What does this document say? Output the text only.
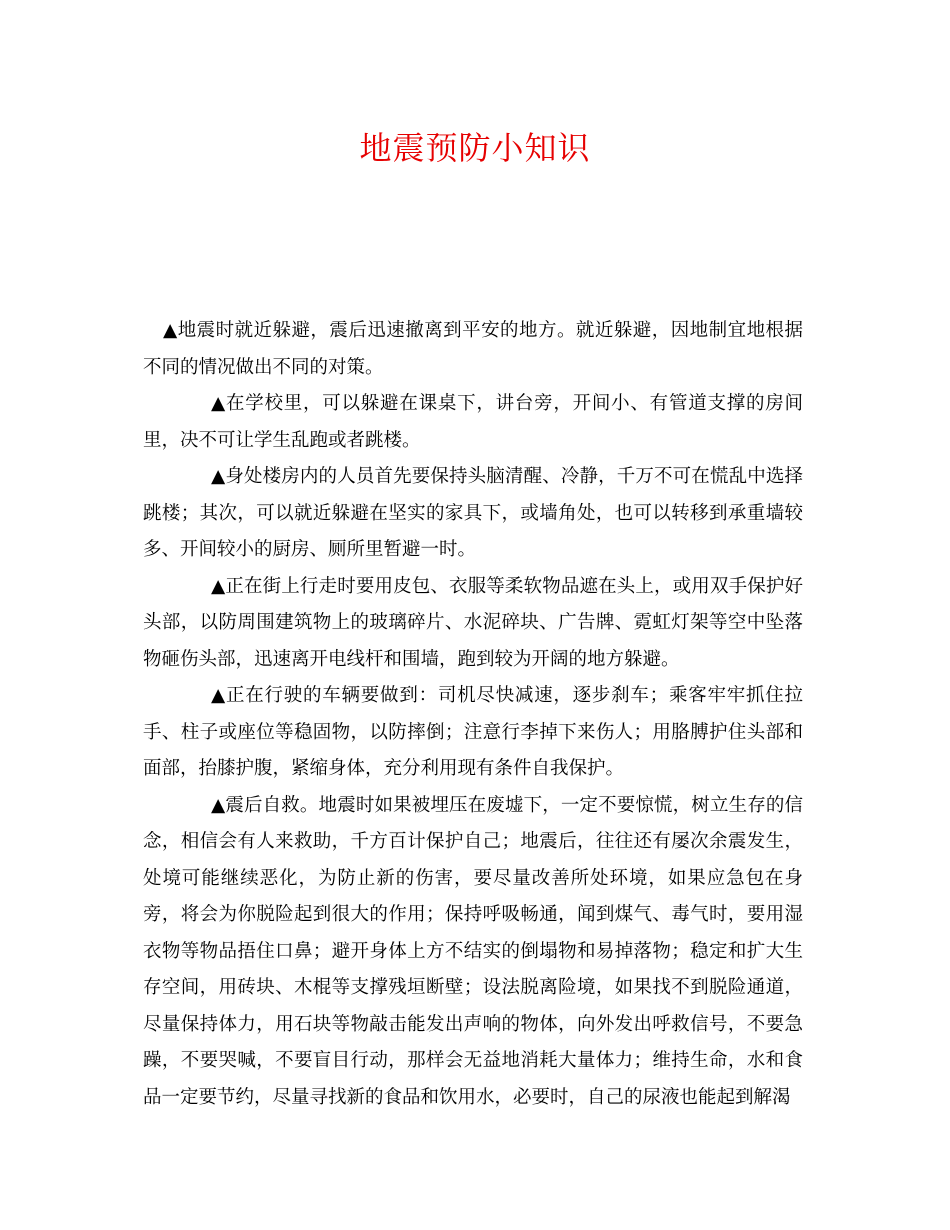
地震预防小知识

▲地震时就近躲避，震后迅速撤离到平安的地方。就近躲避，因地制宜地根据不同的情况做出不同的对策。

▲在学校里，可以躲避在课桌下，讲台旁，开间小、有管道支撑的房间里，决不可让学生乱跑或者跳楼。

▲身处楼房内的人员首先要保持头脑清醒、冷静，千万不可在慌乱中选择跳楼；其次，可以就近躲避在坚实的家具下，或墙角处，也可以转移到承重墙较多、开间较小的厨房、厕所里暂避一时。

▲正在街上行走时要用皮包、衣服等柔软物品遮在头上，或用双手保护好头部，以防周围建筑物上的玻璃碎片、水泥碎块、广告牌、霓虹灯架等空中坠落物砸伤头部，迅速离开电线杆和围墙，跑到较为开阔的地方躲避。

▲正在行驶的车辆要做到：司机尽快减速，逐步刹车；乘客牢牢抓住拉手、柱子或座位等稳固物，以防摔倒；注意行李掉下来伤人；用胳膊护住头部和面部，抬膝护腹，紧缩身体，充分利用现有条件自我保护。

▲震后自救。地震时如果被埋压在废墟下，一定不要惊慌，树立生存的信念，相信会有人来救助，千方百计保护自己；地震后，往往还有屡次余震发生，处境可能继续恶化，为防止新的伤害，要尽量改善所处环境，如果应急包在身旁，将会为你脱险起到很大的作用；保持呼吸畅通，闻到煤气、毒气时，要用湿衣物等物品捂住口鼻；避开身体上方不结实的倒塌物和易掉落物；稳定和扩大生存空间，用砖块、木棍等支撑残垣断壁；设法脱离险境，如果找不到脱险通道，尽量保持体力，用石块等物敲击能发出声响的物体，向外发出呼救信号，不要急躁，不要哭喊，不要盲目行动，那样会无益地消耗大量体力；维持生命，水和食品一定要节约，尽量寻找新的食品和饮用水，必要时，自己的尿液也能起到解渴
